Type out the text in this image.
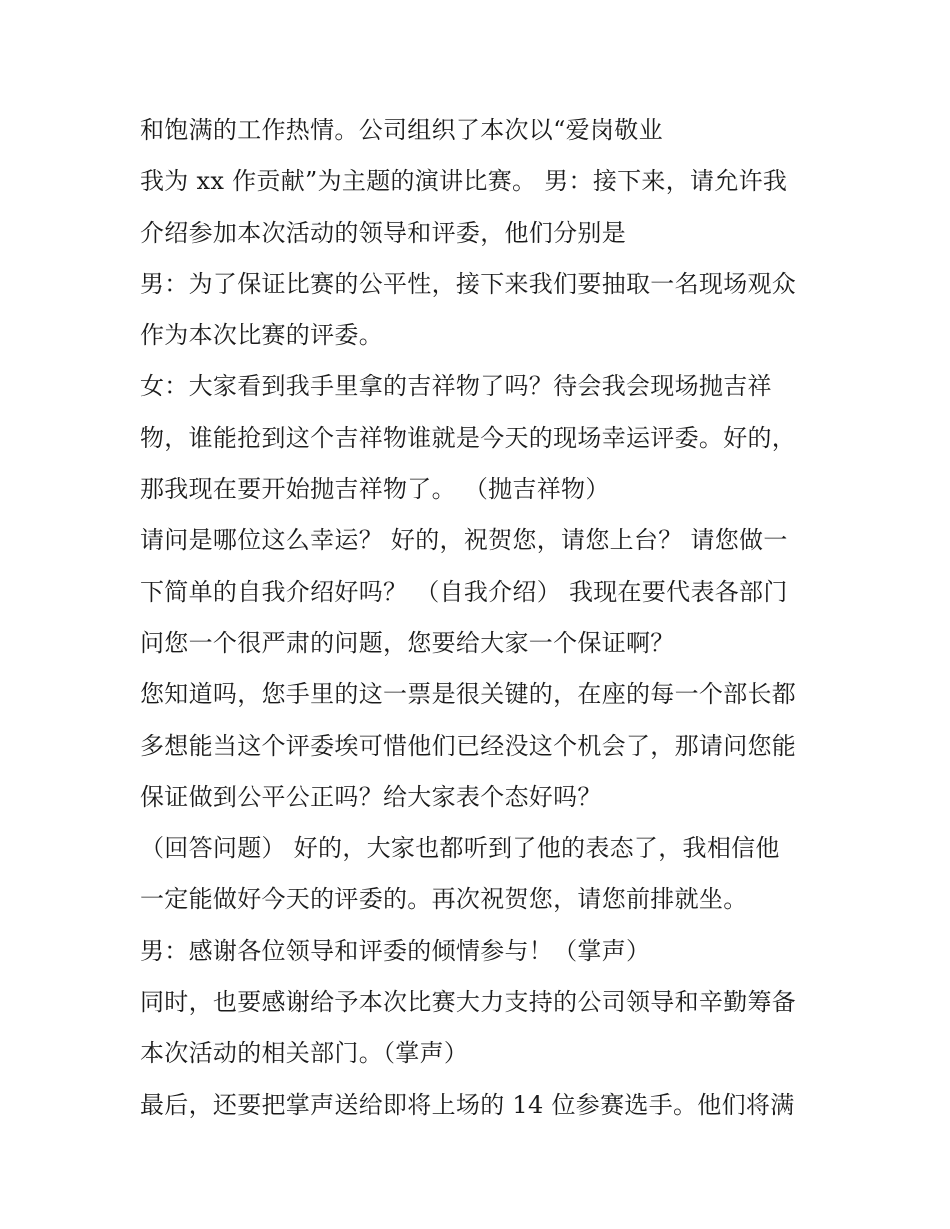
和饱满的工作热情。公司组织了本次以“爱岗敬业
我为 xx 作贡献”为主题的演讲比赛。 男：接下来，请允许我
介绍参加本次活动的领导和评委，他们分别是
男：为了保证比赛的公平性，接下来我们要抽取一名现场观众
作为本次比赛的评委。
女：大家看到我手里拿的吉祥物了吗？待会我会现场抛吉祥
物，谁能抢到这个吉祥物谁就是今天的现场幸运评委。好的，
那我现在要开始抛吉祥物了。 （抛吉祥物）
请问是哪位这么幸运？ 好的，祝贺您，请您上台？ 请您做一
下简单的自我介绍好吗？ （自我介绍） 我现在要代表各部门
问您一个很严肃的问题，您要给大家一个保证啊？
您知道吗，您手里的这一票是很关键的，在座的每一个部长都
多想能当这个评委埃可惜他们已经没这个机会了，那请问您能
保证做到公平公正吗？给大家表个态好吗？
（回答问题） 好的，大家也都听到了他的表态了，我相信他
一定能做好今天的评委的。再次祝贺您，请您前排就坐。
男：感谢各位领导和评委的倾情参与！（掌声）
同时，也要感谢给予本次比赛大力支持的公司领导和辛勤筹备
本次活动的相关部门。（掌声）
最后，还要把掌声送给即将上场的 14 位参赛选手。他们将满
